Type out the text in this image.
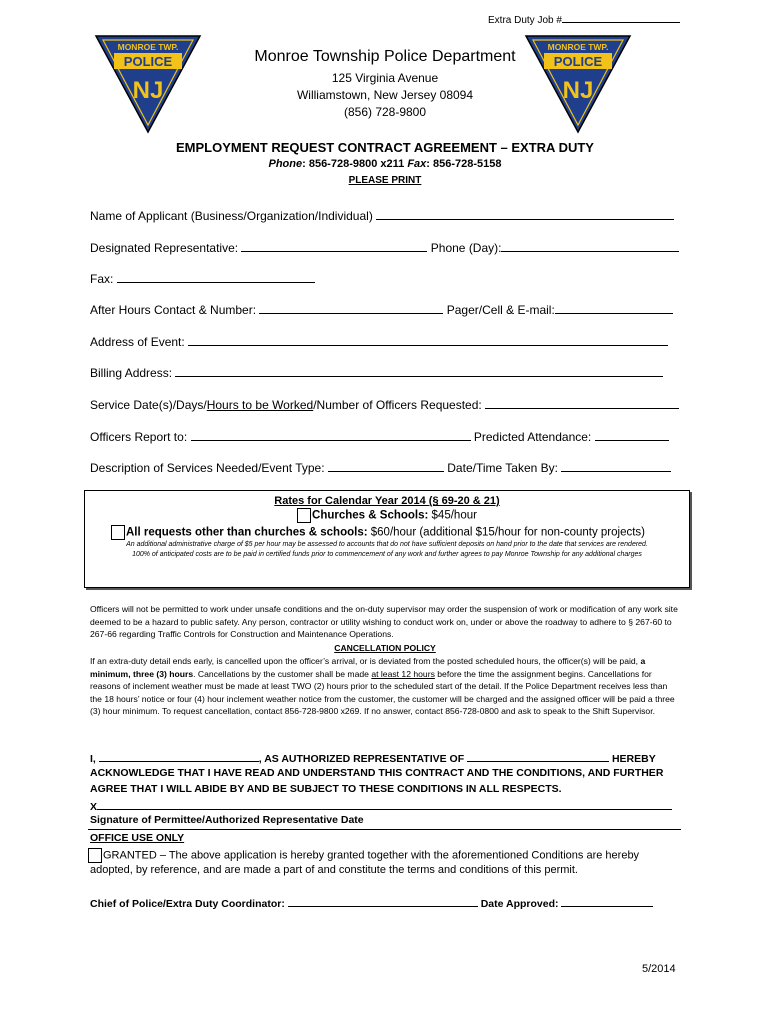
Extra Duty Job #
MONROE TWP.
POLICE
NJ
MONROE TWP.
POLICE
NJ
Monroe Township Police Department
125 Virginia Avenue
Williamstown, New Jersey 08094
(856) 728-9800
EMPLOYMENT REQUEST CONTRACT AGREEMENT – EXTRA DUTY
Phone: 856-728-9800 x211 Fax: 856-728-5158
PLEASE PRINT
Name of Applicant (Business/Organization/Individual)
Designated Representative:	Phone (Day):
Fax:
After Hours Contact & Number:	Pager/Cell & E-mail:
Address of Event:
Billing Address:
Service Date(s)/Days/Hours to be Worked/Number of Officers Requested:
Officers Report to:	Predicted Attendance:
Description of Services Needed/Event Type:	Date/Time Taken By:
Rates for Calendar Year 2014 (§ 69-20 & 21)
Churches & Schools: $45/hour
All requests other than churches & schools: $60/hour (additional $15/hour for non-county projects)
An additional administrative charge of $5 per hour may be assessed to accounts that do not have sufficient deposits on hand prior to the date that services are rendered.
100% of anticipated costs are to be paid in certified funds prior to commencement of any work and further agrees to pay Monroe Township for any additional charges
Officers will not be permitted to work under unsafe conditions and the on-duty supervisor may order the suspension of work or modification of any work site deemed to be a hazard to public safety. Any person, contractor or utility wishing to conduct work on, under or above the roadway to adhere to § 267-60 to 267-66 regarding Traffic Controls for Construction and Maintenance Operations.
CANCELLATION POLICY
If an extra-duty detail ends early, is cancelled upon the officer’s arrival, or is deviated from the posted scheduled hours, the officer(s) will be paid, a minimum, three (3) hours. Cancellations by the customer shall be made at least 12 hours before the time the assignment begins. Cancellations for reasons of inclement weather must be made at least TWO (2) hours prior to the scheduled start of the detail. If the Police Department receives less than the 18 hours’ notice or four (4) hour inclement weather notice from the customer, the customer will be charged and the assigned officer will be paid a three (3) hour minimum. To request cancellation, contact 856-728-9800 x269. If no answer, contact 856-728-0800 and ask to speak to the Shift Supervisor.
I,	, AS AUTHORIZED REPRESENTATIVE OF	HEREBY
ACKNOWLEDGE THAT I HAVE READ AND UNDERSTAND THIS CONTRACT AND THE CONDITIONS, AND FURTHER
AGREE THAT I WILL ABIDE BY AND BE SUBJECT TO THESE CONDITIONS IN ALL RESPECTS.
X
Signature of Permittee/Authorized Representative Date
OFFICE USE ONLY
GRANTED – The above application is hereby granted together with the aforementioned Conditions are hereby
adopted, by reference, and are made a part of and constitute the terms and conditions of this permit.
Chief of Police/Extra Duty Coordinator:	Date Approved:
5/2014
